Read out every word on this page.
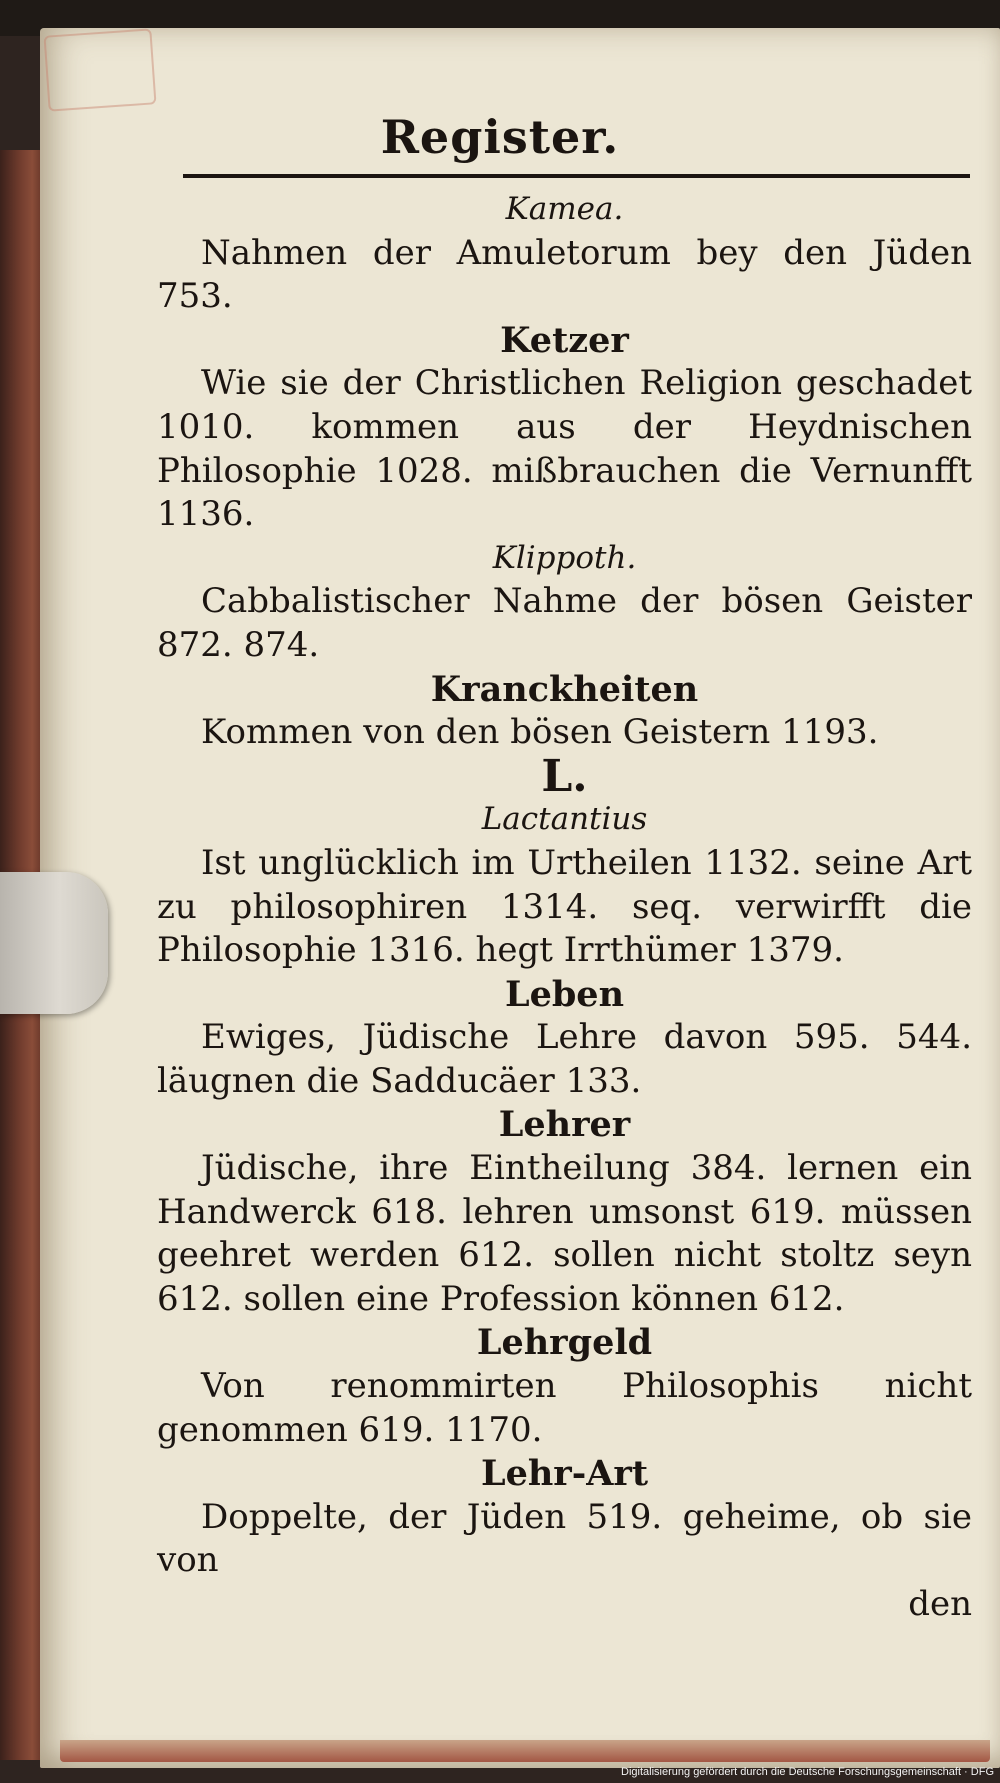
Register.

Kamea.

Nahmen der Amuletorum bey den Jüden 753.

Ketzer

Wie sie der Christlichen Religion geschadet 1010. kommen aus der Heydnischen Philosophie 1028. mißbrauchen die Vernunfft 1136.

Klippoth.

Cabbalistischer Nahme der bösen Geister 872. 874.

Kranckheiten

Kommen von den bösen Geistern 1193.

L.

Lactantius

Ist unglücklich im Urtheilen 1132. seine Art zu philosophiren 1314. seq. verwirfft die Philosophie 1316. hegt Irrthümer 1379.

Leben

Ewiges, Jüdische Lehre davon 595. 544. läugnen die Sadducäer 133.

Lehrer

Jüdische, ihre Eintheilung 384. lernen ein Handwerck 618. lehren umsonst 619. müssen geehret werden 612. sollen nicht stoltz seyn 612. sollen eine Profession können 612.

Lehrgeld

Von renommirten Philosophis nicht genommen 619. 1170.

Lehr-Art

Doppelte, der Jüden 519. geheime, ob sie von

den

Digitalisierung gefördert durch die Deutsche Forschungsgemeinschaft · DFG
